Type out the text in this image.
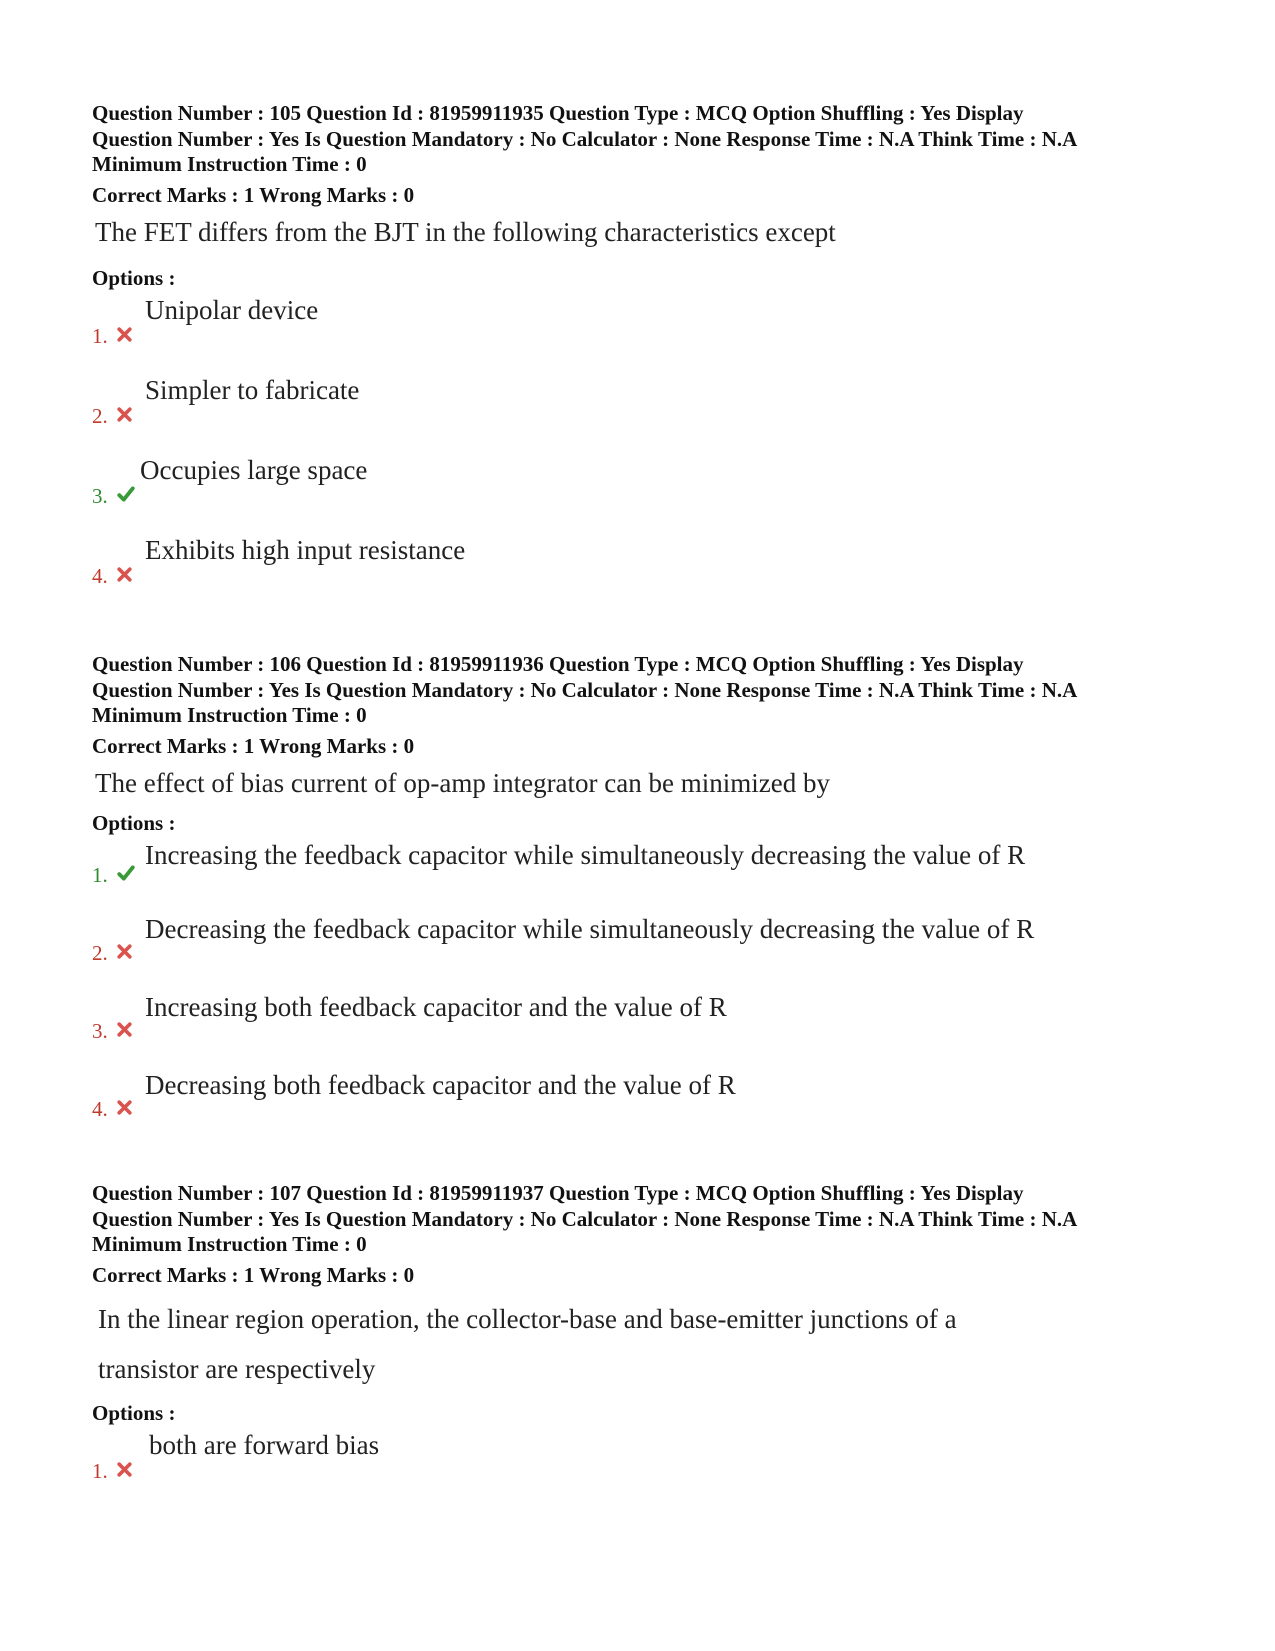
Question Number : 105 Question Id : 81959911935 Question Type : MCQ Option Shuffling : Yes Display

Question Number : Yes Is Question Mandatory : No Calculator : None Response Time : N.A Think Time : N.A

Minimum Instruction Time : 0

Correct Marks : 1 Wrong Marks : 0
The FET differs from the BJT in the following characteristics except
Options :
1.
Unipolar device
2.
Simpler to fabricate
3.
Occupies large space
4.
Exhibits high input resistance

Question Number : 106 Question Id : 81959911936 Question Type : MCQ Option Shuffling : Yes Display

Question Number : Yes Is Question Mandatory : No Calculator : None Response Time : N.A Think Time : N.A

Minimum Instruction Time : 0

Correct Marks : 1 Wrong Marks : 0
The effect of bias current of op-amp integrator can be minimized by
Options :
1.
Increasing the feedback capacitor while simultaneously decreasing the value of R
2.
Decreasing the feedback capacitor while simultaneously decreasing the value of R
3.
Increasing both feedback capacitor and the value of R
4.
Decreasing both feedback capacitor and the value of R

Question Number : 107 Question Id : 81959911937 Question Type : MCQ Option Shuffling : Yes Display

Question Number : Yes Is Question Mandatory : No Calculator : None Response Time : N.A Think Time : N.A

Minimum Instruction Time : 0

Correct Marks : 1 Wrong Marks : 0
In the linear region operation, the collector-base and base-emitter junctions of a
transistor are respectively
Options :
1.
both are forward bias
